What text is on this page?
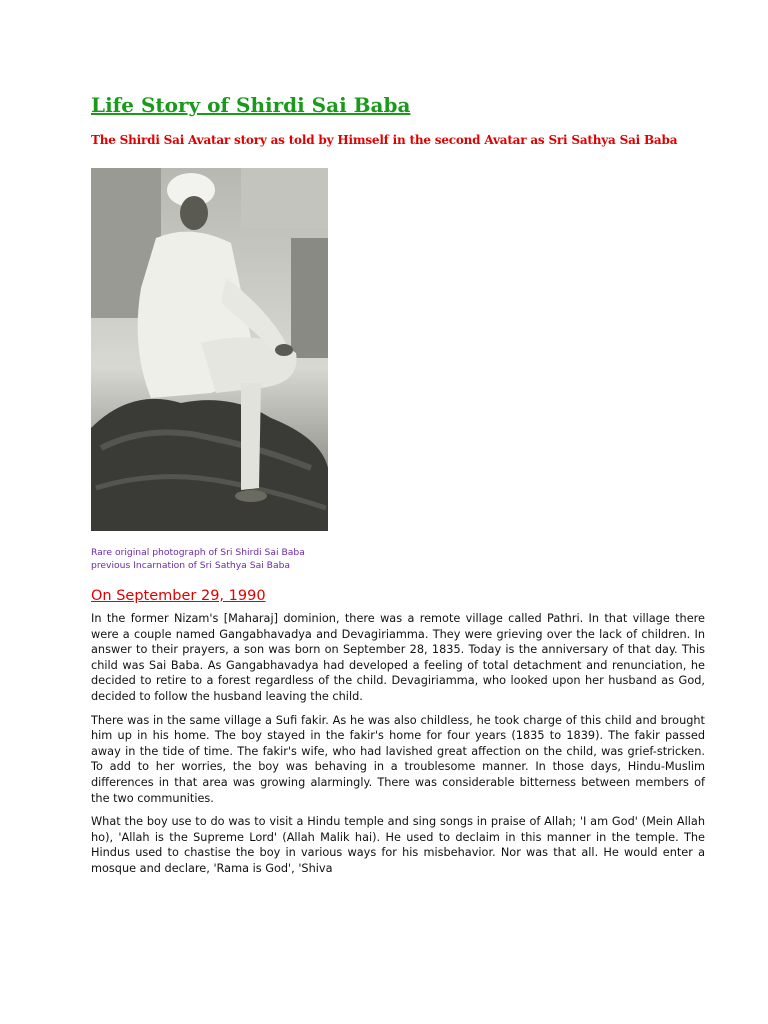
Life Story of Shirdi Sai Baba

The Shirdi Sai Avatar story as told by Himself in the second Avatar as Sri Sathya Sai Baba

Rare original photograph of Sri Shirdi Sai Baba
previous Incarnation of Sri Sathya Sai Baba
On September 29, 1990

In the former Nizam's [Maharaj] dominion, there was a remote village called Pathri. In that village there were a couple named Gangabhavadya and Devagiriamma. They were grieving over the lack of children. In answer to their prayers, a son was born on September 28, 1835. Today is the anniversary of that day. This child was Sai Baba. As Gangabhavadya had developed a feeling of total detachment and renunciation, he decided to retire to a forest regardless of the child. Devagiriamma, who looked upon her husband as God, decided to follow the husband leaving the child.

There was in the same village a Sufi fakir. As he was also childless, he took charge of this child and brought him up in his home. The boy stayed in the fakir's home for four years (1835 to 1839). The fakir passed away in the tide of time. The fakir's wife, who had lavished great affection on the child, was grief-stricken. To add to her worries, the boy was behaving in a troublesome manner. In those days, Hindu-Muslim differences in that area was growing alarmingly. There was considerable bitterness between members of the two communities.

What the boy use to do was to visit a Hindu temple and sing songs in praise of Allah; 'I am God' (Mein Allah ho), 'Allah is the Supreme Lord' (Allah Malik hai). He used to declaim in this manner in the temple. The Hindus used to chastise the boy in various ways for his misbehavior. Nor was that all. He would enter a mosque and declare, 'Rama is God', 'Shiva
